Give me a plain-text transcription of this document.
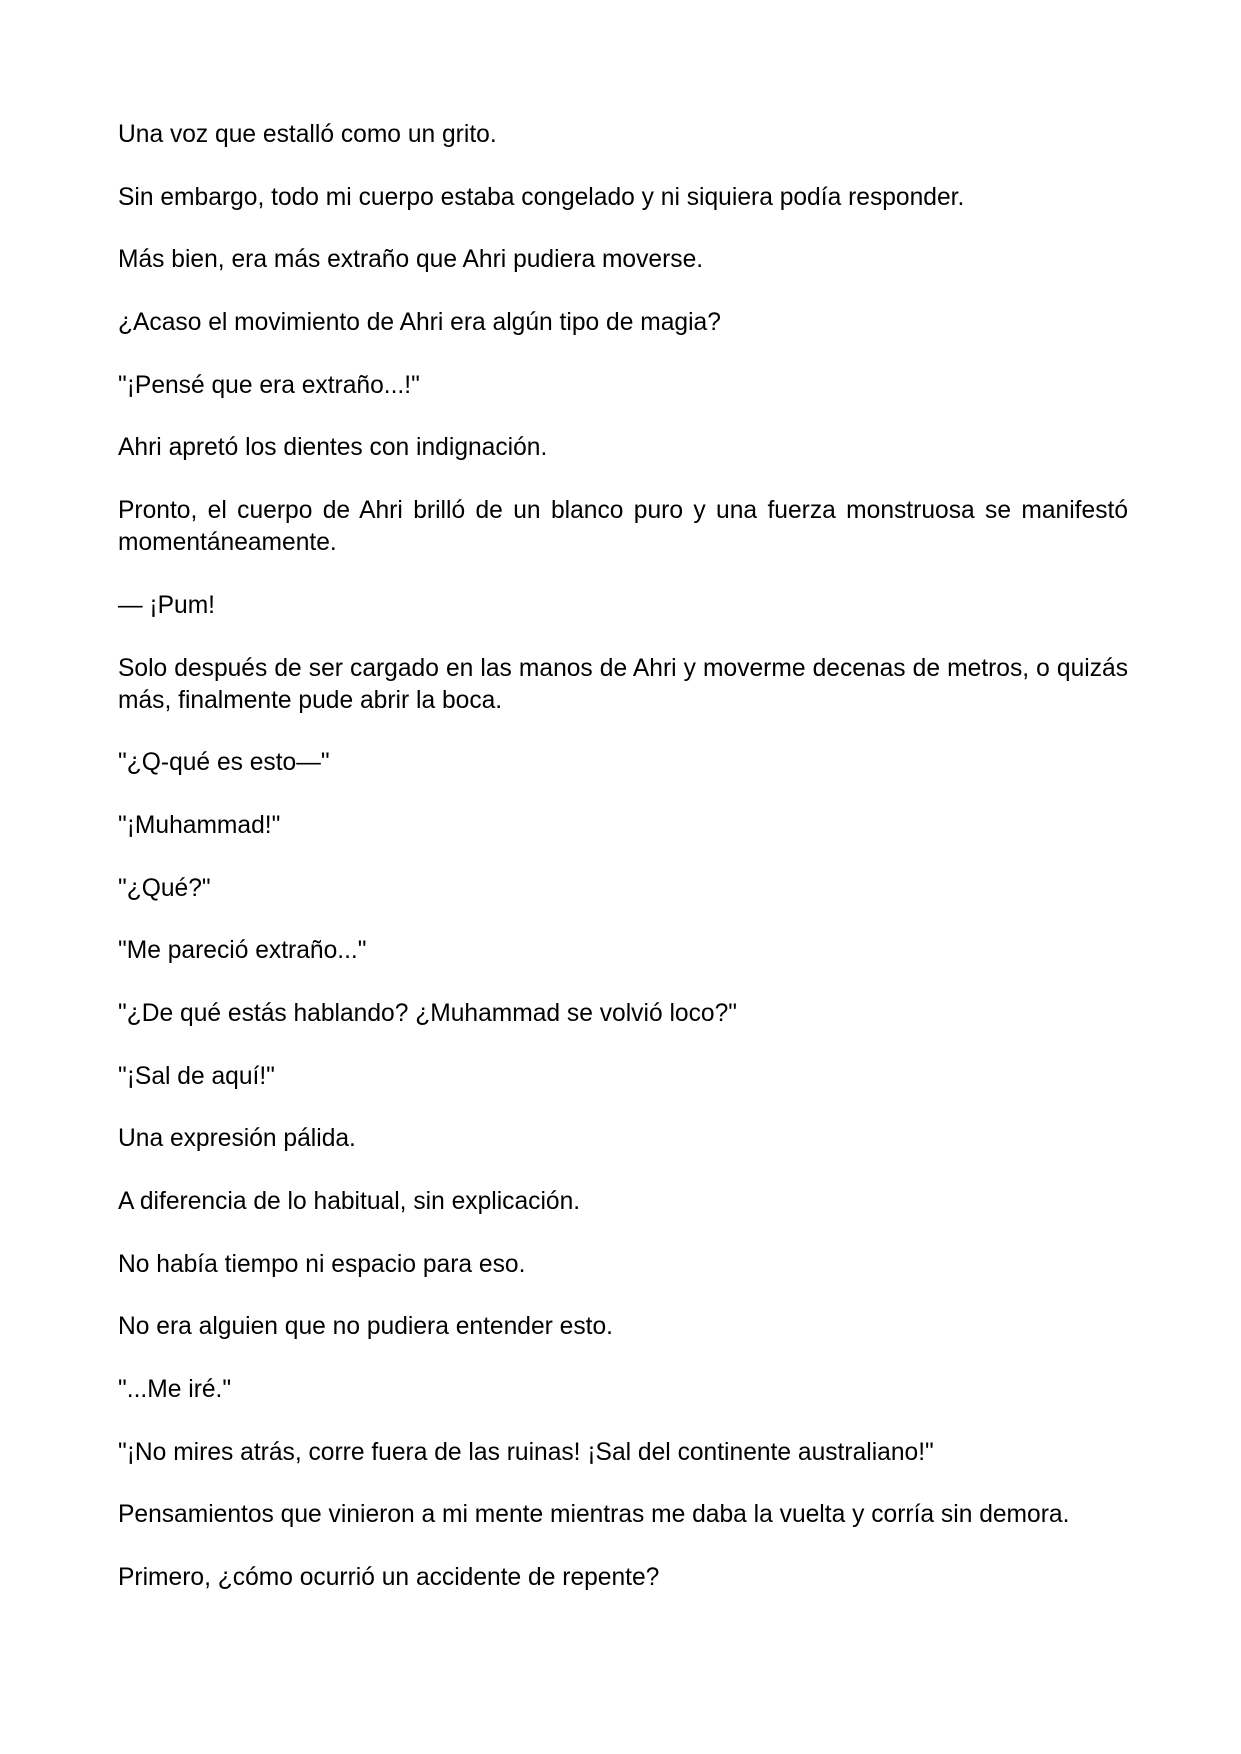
Una voz que estalló como un grito.

Sin embargo, todo mi cuerpo estaba congelado y ni siquiera podía responder.

Más bien, era más extraño que Ahri pudiera moverse.

¿Acaso el movimiento de Ahri era algún tipo de magia?

"¡Pensé que era extraño...!"

Ahri apretó los dientes con indignación.

Pronto, el cuerpo de Ahri brilló de un blanco puro y una fuerza monstruosa se manifestó momentáneamente.

— ¡Pum!

Solo después de ser cargado en las manos de Ahri y moverme decenas de metros, o quizás más, finalmente pude abrir la boca.

"¿Q-qué es esto—"

"¡Muhammad!"

"¿Qué?"

"Me pareció extraño..."

"¿De qué estás hablando? ¿Muhammad se volvió loco?"

"¡Sal de aquí!"

Una expresión pálida.

A diferencia de lo habitual, sin explicación.

No había tiempo ni espacio para eso.

No era alguien que no pudiera entender esto.

"...Me iré."

"¡No mires atrás, corre fuera de las ruinas! ¡Sal del continente australiano!"

Pensamientos que vinieron a mi mente mientras me daba la vuelta y corría sin demora.

Primero, ¿cómo ocurrió un accidente de repente?
